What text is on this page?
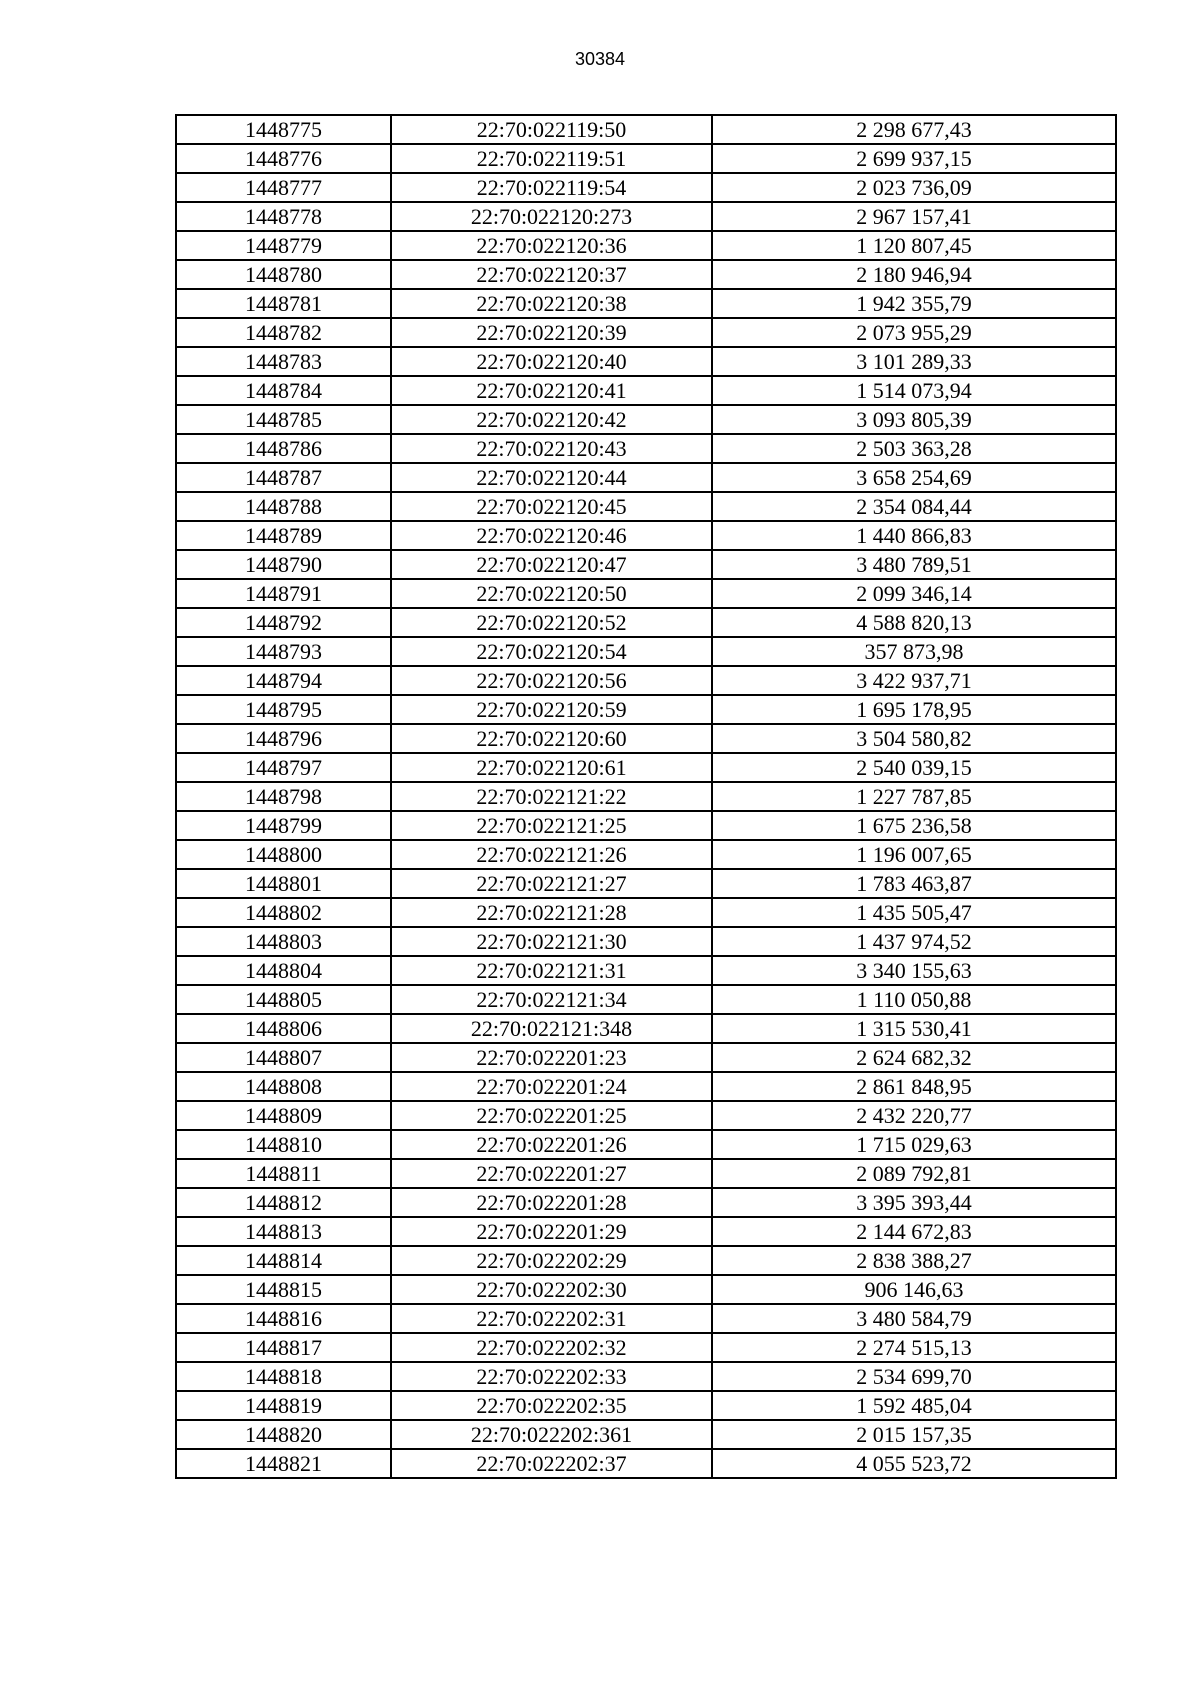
30384
1448775	22:70:022119:50	2 298 677,43
1448776	22:70:022119:51	2 699 937,15
1448777	22:70:022119:54	2 023 736,09
1448778	22:70:022120:273	2 967 157,41
1448779	22:70:022120:36	1 120 807,45
1448780	22:70:022120:37	2 180 946,94
1448781	22:70:022120:38	1 942 355,79
1448782	22:70:022120:39	2 073 955,29
1448783	22:70:022120:40	3 101 289,33
1448784	22:70:022120:41	1 514 073,94
1448785	22:70:022120:42	3 093 805,39
1448786	22:70:022120:43	2 503 363,28
1448787	22:70:022120:44	3 658 254,69
1448788	22:70:022120:45	2 354 084,44
1448789	22:70:022120:46	1 440 866,83
1448790	22:70:022120:47	3 480 789,51
1448791	22:70:022120:50	2 099 346,14
1448792	22:70:022120:52	4 588 820,13
1448793	22:70:022120:54	357 873,98
1448794	22:70:022120:56	3 422 937,71
1448795	22:70:022120:59	1 695 178,95
1448796	22:70:022120:60	3 504 580,82
1448797	22:70:022120:61	2 540 039,15
1448798	22:70:022121:22	1 227 787,85
1448799	22:70:022121:25	1 675 236,58
1448800	22:70:022121:26	1 196 007,65
1448801	22:70:022121:27	1 783 463,87
1448802	22:70:022121:28	1 435 505,47
1448803	22:70:022121:30	1 437 974,52
1448804	22:70:022121:31	3 340 155,63
1448805	22:70:022121:34	1 110 050,88
1448806	22:70:022121:348	1 315 530,41
1448807	22:70:022201:23	2 624 682,32
1448808	22:70:022201:24	2 861 848,95
1448809	22:70:022201:25	2 432 220,77
1448810	22:70:022201:26	1 715 029,63
1448811	22:70:022201:27	2 089 792,81
1448812	22:70:022201:28	3 395 393,44
1448813	22:70:022201:29	2 144 672,83
1448814	22:70:022202:29	2 838 388,27
1448815	22:70:022202:30	906 146,63
1448816	22:70:022202:31	3 480 584,79
1448817	22:70:022202:32	2 274 515,13
1448818	22:70:022202:33	2 534 699,70
1448819	22:70:022202:35	1 592 485,04
1448820	22:70:022202:361	2 015 157,35
1448821	22:70:022202:37	4 055 523,72
